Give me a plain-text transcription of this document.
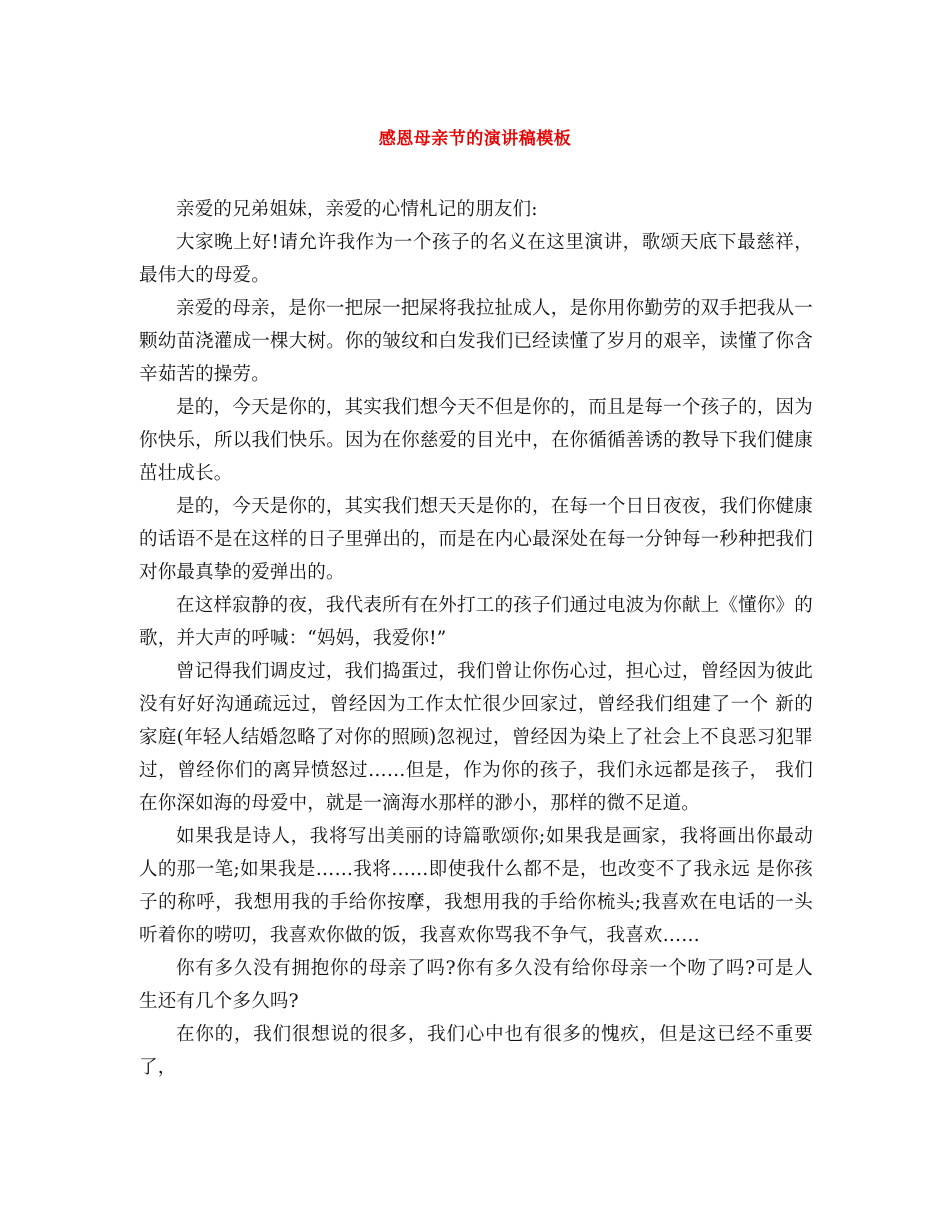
感恩母亲节的演讲稿模板

亲爱的兄弟姐妹，亲爱的心情札记的朋友们:

大家晚上好!请允许我作为一个孩子的名义在这里演讲，歌颂天底下最慈祥，最伟大的母爱。

亲爱的母亲，是你一把尿一把屎将我拉扯成人，是你用你勤劳的双手把我从一颗幼苗浇灌成一棵大树。你的皱纹和白发我们已经读懂了岁月的艰辛，读懂了你含辛茹苦的操劳。

是的，今天是你的，其实我们想今天不但是你的，而且是每一个孩子的，因为你快乐，所以我们快乐。因为在你慈爱的目光中，在你循循善诱的教导下我们健康茁壮成长。

是的，今天是你的，其实我们想天天是你的，在每一个日日夜夜，我们你健康的话语不是在这样的日子里弹出的，而是在内心最深处在每一分钟每一秒种把我们对你最真挚的爱弹出的。

在这样寂静的夜，我代表所有在外打工的孩子们通过电波为你献上《懂你》的歌，并大声的呼喊：“妈妈，我爱你!”

曾记得我们调皮过，我们捣蛋过，我们曾让你伤心过，担心过，曾经因为彼此没有好好沟通疏远过，曾经因为工作太忙很少回家过，曾经我们组建了一个 新的家庭(年轻人结婚忽略了对你的照顾)忽视过，曾经因为染上了社会上不良恶习犯罪过，曾经你们的离异愤怒过……但是，作为你的孩子，我们永远都是孩子， 我们在你深如海的母爱中，就是一滴海水那样的渺小，那样的微不足道。

如果我是诗人，我将写出美丽的诗篇歌颂你;如果我是画家，我将画出你最动人的那一笔;如果我是……我将……即使我什么都不是，也改变不了我永远 是你孩子的称呼，我想用我的手给你按摩，我想用我的手给你梳头;我喜欢在电话的一头听着你的唠叨，我喜欢你做的饭，我喜欢你骂我不争气，我喜欢……

你有多久没有拥抱你的母亲了吗?你有多久没有给你母亲一个吻了吗?可是人生还有几个多久吗?

在你的，我们很想说的很多，我们心中也有很多的愧疚，但是这已经不重要了，
